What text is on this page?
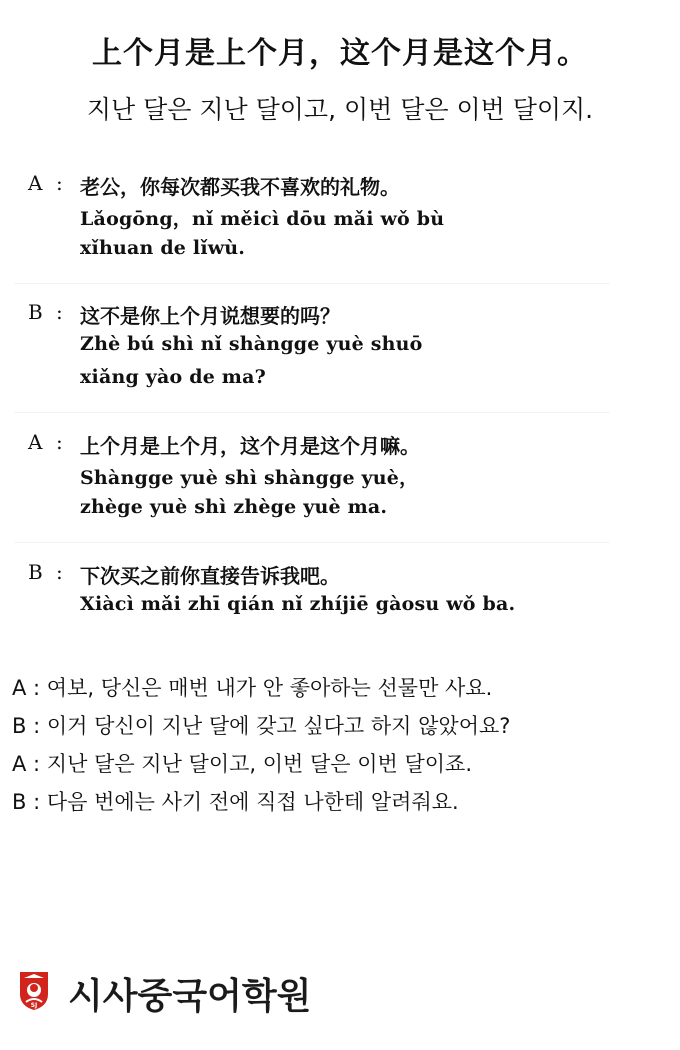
上个月是上个月，这个月是这个月。
지난 달은 지난 달이고, 이번 달은 이번 달이지.
A : 老公，你每次都买我不喜欢的礼物。
Lǎogōng，nǐ měicì dōu mǎi wǒ bù
xǐhuan de lǐwù.
B : 这不是你上个月说想要的吗？
Zhè bú shì nǐ shàngge yuè shuō
xiǎng yào de ma?
A : 上个月是上个月，这个月是这个月嘛。
Shàngge yuè shì shàngge yuè，
zhège yuè shì zhège yuè ma.
B : 下次买之前你直接告诉我吧。
Xiàcì mǎi zhī qián nǐ zhíjiē gàosu wǒ ba.
A : 여보, 당신은 매번 내가 안 좋아하는 선물만 사요.
B : 이거 당신이 지난 달에 갖고 싶다고 하지 않았어요?
A : 지난 달은 지난 달이고, 이번 달은 이번 달이죠.
B : 다음 번에는 사기 전에 직접 나한테 알려줘요.
SJ 시사중국어학원
